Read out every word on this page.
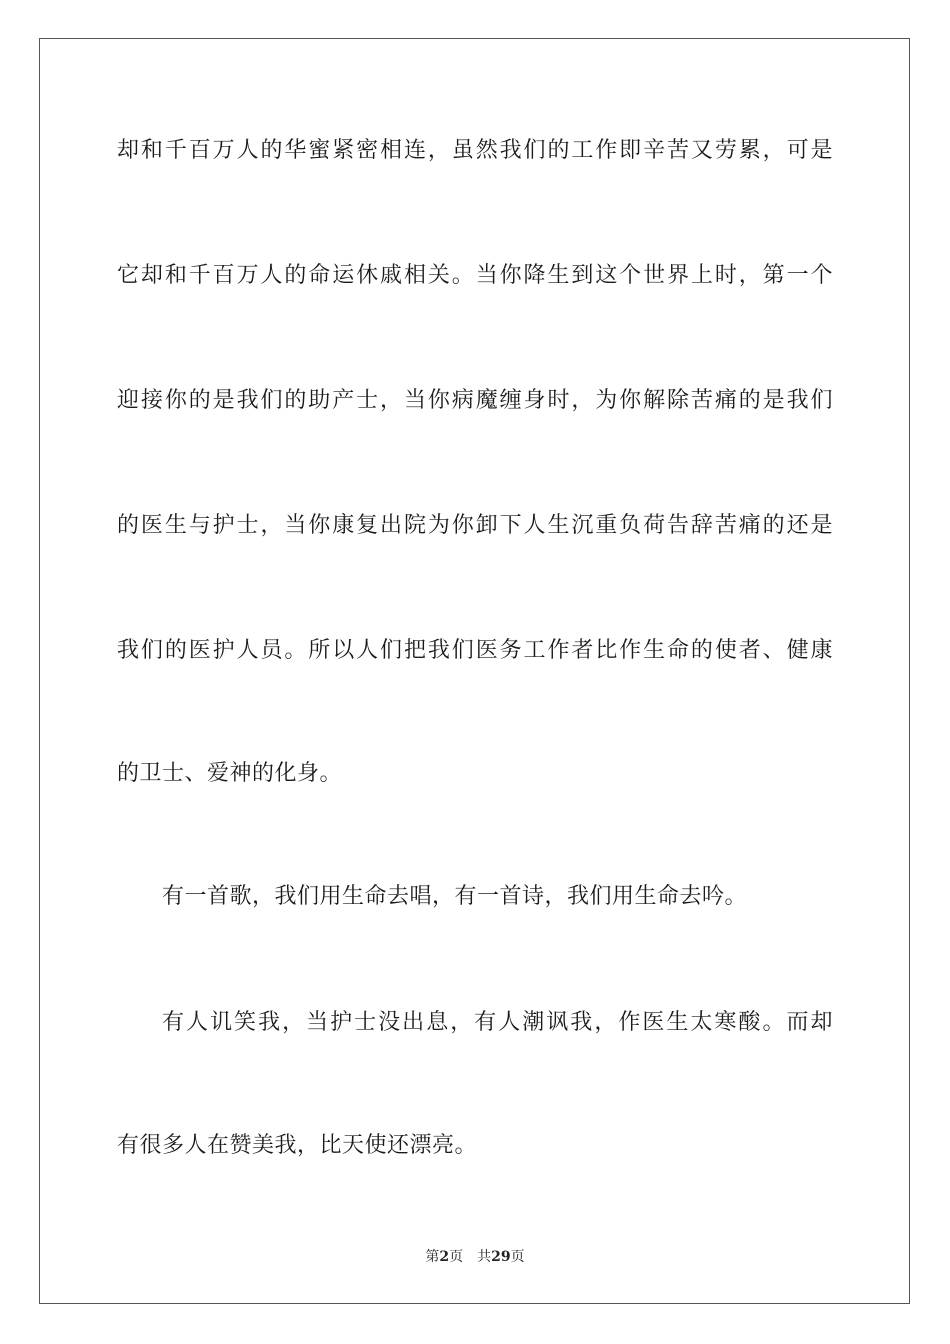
却和千百万人的华蜜紧密相连，虽然我们的工作即辛苦又劳累，可是
它却和千百万人的命运休戚相关。当你降生到这个世界上时，第一个
迎接你的是我们的助产士，当你病魔缠身时，为你解除苦痛的是我们
的医生与护士，当你康复出院为你卸下人生沉重负荷告辞苦痛的还是
我们的医护人员。所以人们把我们医务工作者比作生命的使者、健康
的卫士、爱神的化身。
有一首歌，我们用生命去唱，有一首诗，我们用生命去吟。
有人讥笑我，当护士没出息，有人潮讽我，作医生太寒酸。而却
有很多人在赞美我，比天使还漂亮。
第2页 共29页
